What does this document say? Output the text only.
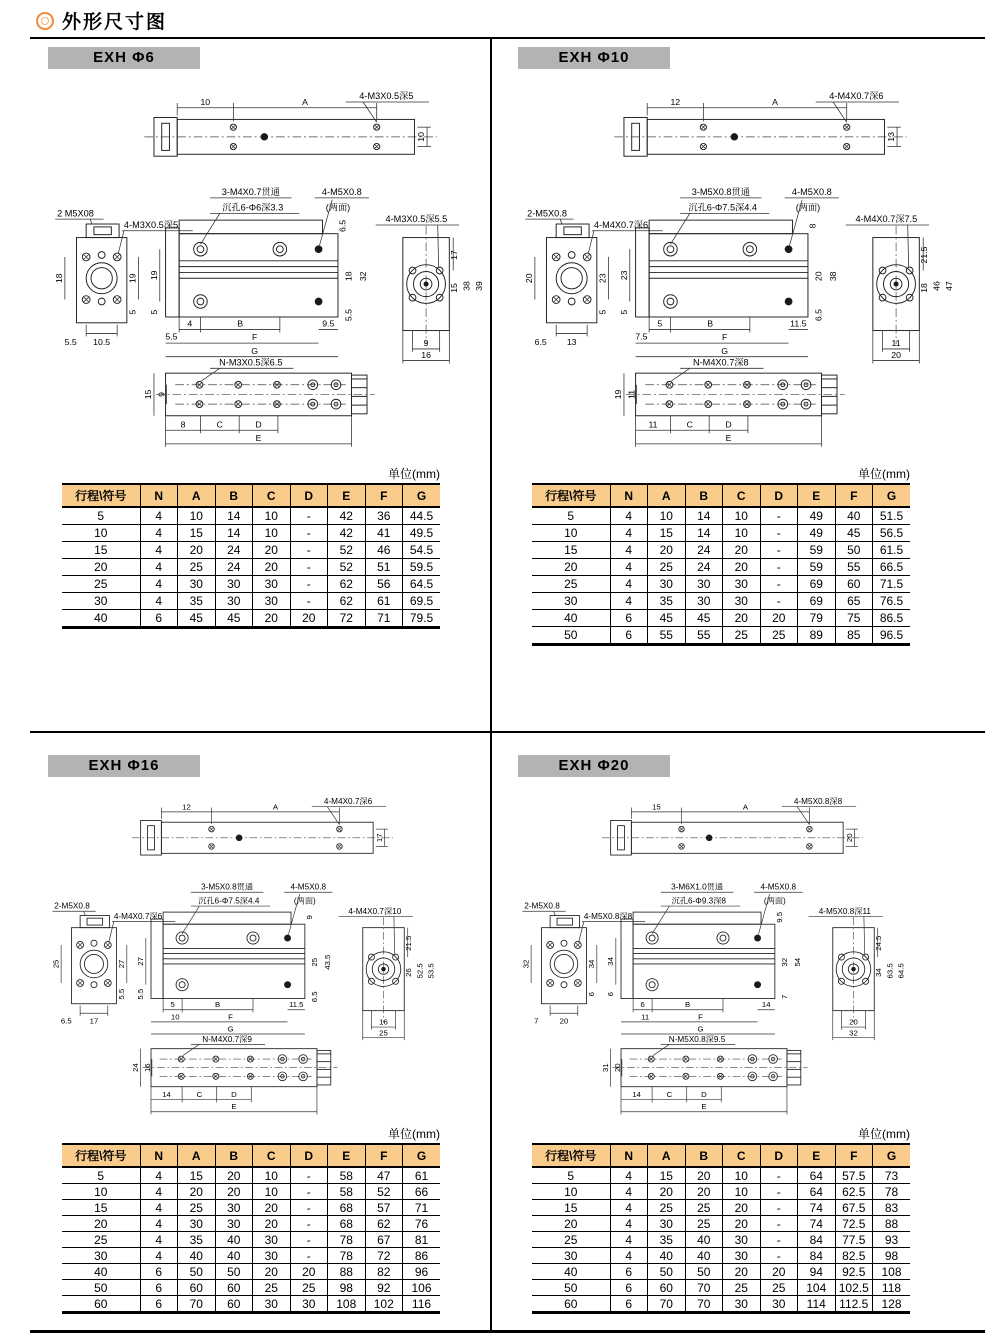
外形尺寸图
EXH Φ6
10	A
4-M3X0.5深5
10
2 M5X08
4-M3X0.5深5
18	19
5
10.5
5.5
3-M4X0.7贯通
沉孔6-Φ6深3.3
4-M5X0.8
(两面)
6.5
19
5
18 32
5.5
4	B	9.5
5.5	F
G
4-M3X0.5深5.5
17
15 38 39
9
16
N-M3X0.5深6.5
15 9
8	C	D
E
单位(mm)
行程\符号	N	A	B	C	D	E	F	G
5	4	10	14	10	-	42	36	44.5
10	4	15	14	10	-	42	41	49.5
15	4	20	24	20	-	52	46	54.5
20	4	25	24	20	-	52	51	59.5
25	4	30	30	30	-	62	56	64.5
30	4	35	30	30	-	62	61	69.5
40	6	45	45	20	20	72	71	79.5
EXH Φ10
12	A
4-M4X0.7深6
13
2-M5X0.8
4-M4X0.7深6
20	23
5
13
6.5
3-M5X0.8贯通
沉孔6-Φ7.5深4.4
4-M5X0.8
(两面)
8
23
5
20 38
6.5
5	B	11.5
7.5	F
G
4-M4X0.7深7.5
21.5
18 46 47
11
20
N-M4X0.7深8
19 11
11	C	D
E
单位(mm)
行程\符号	N	A	B	C	D	E	F	G
5	4	10	14	10	-	49	40	51.5
10	4	15	14	10	-	49	45	56.5
15	4	20	24	20	-	59	50	61.5
20	4	25	24	20	-	59	55	66.5
25	4	30	30	30	-	69	60	71.5
30	4	35	30	30	-	69	65	76.5
40	6	45	45	20	20	79	75	86.5
50	6	55	55	25	25	89	85	96.5
EXH Φ16
12	A
4-M4X0.7深6
17
2-M5X0.8
4-M4X0.7深6
25	27
5.5
17
6.5
3-M5X0.8贯通
沉孔6-Φ7.5深4.4
4-M5X0.8
(两面)
9
27
5.5
25 43.5
6.5
5	B	11.5
10	F
G
4-M4X0.7深10
21.5
26 52.5 53.5
16
25
N-M4X0.7深9
24 16
14	C	D
E
单位(mm)
行程\符号	N	A	B	C	D	E	F	G
5	4	15	20	10	-	58	47	61
10	4	20	20	10	-	58	52	66
15	4	25	30	20	-	68	57	71
20	4	30	30	20	-	68	62	76
25	4	35	40	30	-	78	67	81
30	4	40	40	30	-	78	72	86
40	6	50	50	20	20	88	82	96
50	6	60	60	25	25	98	92	106
60	6	70	60	30	30	108	102	116
EXH Φ20
15	A
4-M5X0.8深8
20
2-M5X0.8
4-M5X0.8深8
32	34
6
20
7
3-M6X1.0贯通
沉孔6-Φ9.3深8
4-M5X0.8
(两面)
9.5
34
6
32 54
7
6	B	14
11	F
G
4-M5X0.8深11
24.5
34 63.5 64.5
20
32
N-M5X0.8深9.5
31 20
14	C	D
E
单位(mm)
行程\符号	N	A	B	C	D	E	F	G
5	4	15	20	10	-	64	57.5	73
10	4	20	20	10	-	64	62.5	78
15	4	25	25	20	-	74	67.5	83
20	4	30	25	20	-	74	72.5	88
25	4	35	40	30	-	84	77.5	93
30	4	40	40	30	-	84	82.5	98
40	6	50	50	20	20	94	92.5	108
50	6	60	70	25	25	104	102.5	118
60	6	70	70	30	30	114	112.5	128
